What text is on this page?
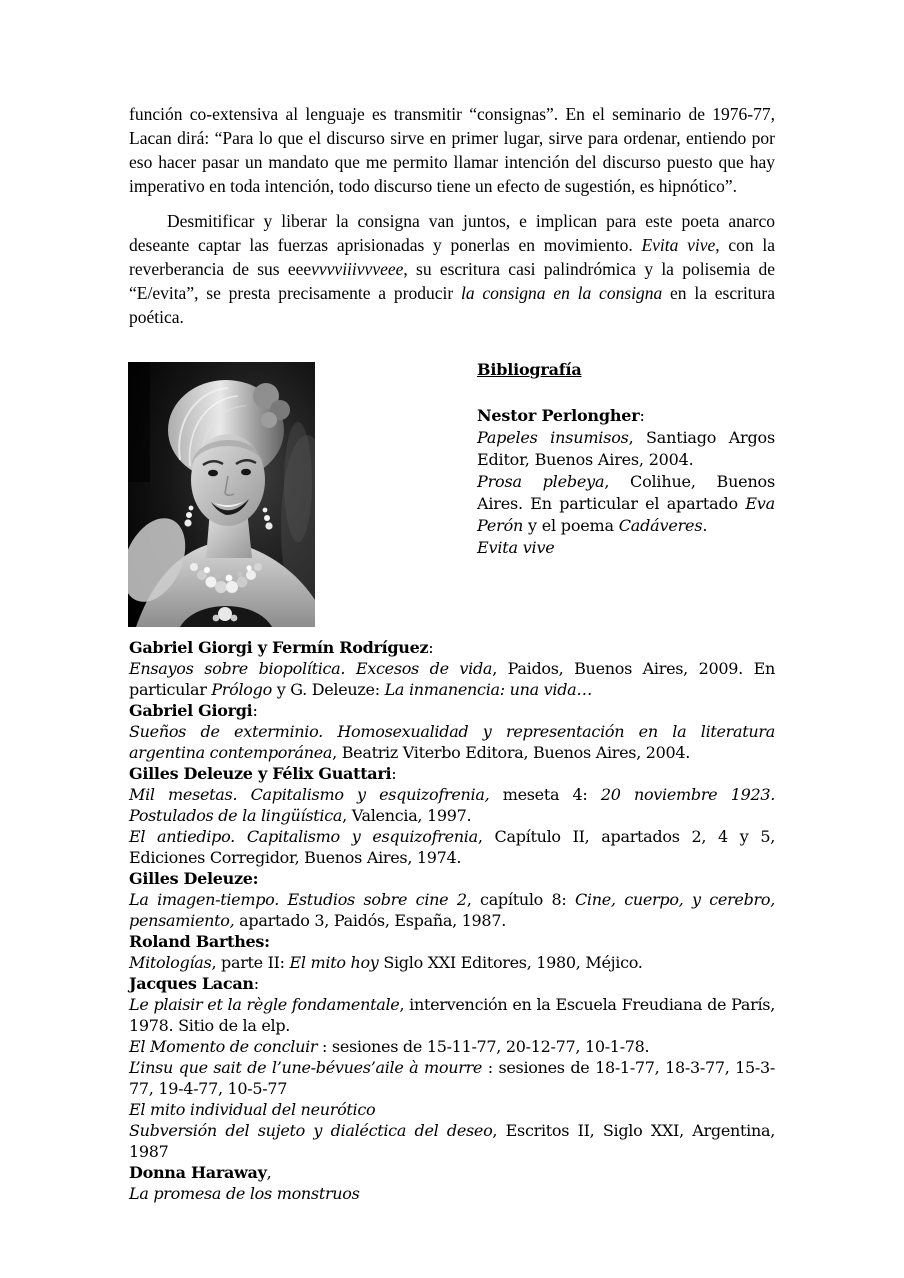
función co-extensiva al lenguaje es transmitir “consignas”. En el seminario de 1976-77, Lacan dirá: “Para lo que el discurso sirve en primer lugar, sirve para ordenar, entiendo por eso hacer pasar un mandato que me permito llamar intención del discurso puesto que hay imperativo en toda intención, todo discurso tiene un efecto de sugestión, es hipnótico”.

Desmitificar y liberar la consigna van juntos, e implican para este poeta anarco deseante captar las fuerzas aprisionadas y ponerlas en movimiento. Evita vive, con la reverberancia de sus eeevvvviiivvveee, su escritura casi palindrómica y la polisemia de “E/evita”, se presta precisamente a producir la consigna en la consigna en la escritura poética.

Bibliografía

Nestor Perlongher:

Papeles insumisos, Santiago Argos Editor, Buenos Aires, 2004.

Prosa plebeya, Colihue, Buenos Aires. En particular el apartado Eva Perón y el poema Cadáveres.

Evita vive

Gabriel Giorgi y Fermín Rodríguez:

Ensayos sobre biopolítica. Excesos de vida, Paidos, Buenos Aires, 2009. En particular Prólogo y G. Deleuze: La inmanencia: una vida…

Gabriel Giorgi:

Sueños de exterminio. Homosexualidad y representación en la literatura argentina contemporánea, Beatriz Viterbo Editora, Buenos Aires, 2004.

Gilles Deleuze y Félix Guattari:

Mil mesetas. Capitalismo y esquizofrenia, meseta 4: 20 noviembre 1923. Postulados de la lingüística, Valencia, 1997.

El antiedipo. Capitalismo y esquizofrenia, Capítulo II, apartados 2, 4 y 5, Ediciones Corregidor, Buenos Aires, 1974.

Gilles Deleuze:

La imagen-tiempo. Estudios sobre cine 2, capítulo 8: Cine, cuerpo, y cerebro, pensamiento, apartado 3, Paidós, España, 1987.

Roland Barthes:

Mitologías, parte II: El mito hoy Siglo XXI Editores, 1980, Méjico.

Jacques Lacan:

Le plaisir et la règle fondamentale, intervención en la Escuela Freudiana de París, 1978. Sitio de la elp.

El Momento de concluir : sesiones de 15-11-77, 20-12-77, 10-1-78.

L’insu que sait de l’une-bévues’aile à mourre : sesiones de 18-1-77, 18-3-77, 15-3-77, 19-4-77, 10-5-77

El mito individual del neurótico

Subversión del sujeto y dialéctica del deseo, Escritos II, Siglo XXI, Argentina, 1987

Donna Haraway,

La promesa de los monstruos
